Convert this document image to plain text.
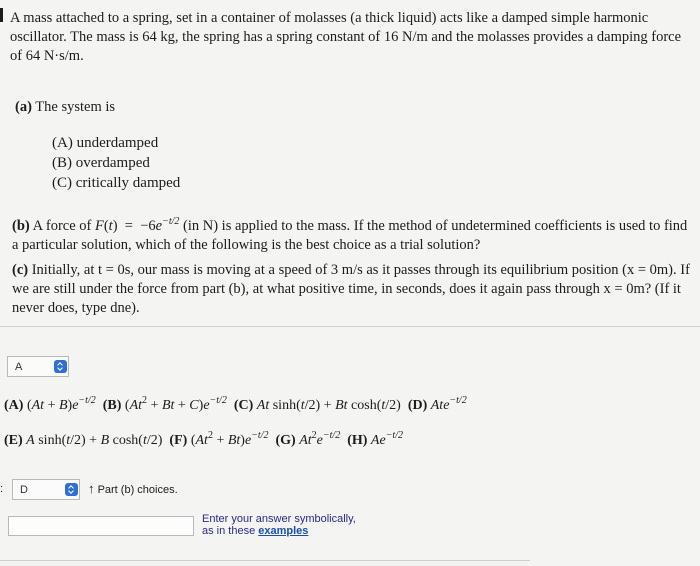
A mass attached to a spring, set in a container of molasses (a thick liquid) acts like a damped simple harmonic oscillator. The mass is 64 kg, the spring has a spring constant of 16 N/m and the molasses provides a damping force of 64 N·s/m.
(a) The system is
(A) underdamped
(B) overdamped
(C) critically damped
(b) A force of $F(t) = -6e^{-t/2}$ (in N) is applied to the mass. If the method of undetermined coefficients is used to find a particular solution, which of the following is the best choice as a trial solution?
(c) Initially, at t = 0s, our mass is moving at a speed of 3 m/s as it passes through its equilibrium position (x = 0m). If we are still under the force from part (b), at what positive time, in seconds, does it again pass through x = 0m? (If it never does, type dne).
A
(A) $(At + B)e^{-t/2}$ (B) $(At^2 + Bt + C)e^{-t/2}$ (C) At sinh(t/2) + Bt cosh(t/2)  (D) Ate$^{-t/2}$
(E) A sinh(t/2) + B cosh(t/2)  (F) $(At^2 + Bt)e^{-t/2}$ (G) $At^2e^{-t/2}$ (H) $Ae^{-t/2}$
: D	↑ Part (b) choices.
Enter your answer symbolically,
as in these examples
